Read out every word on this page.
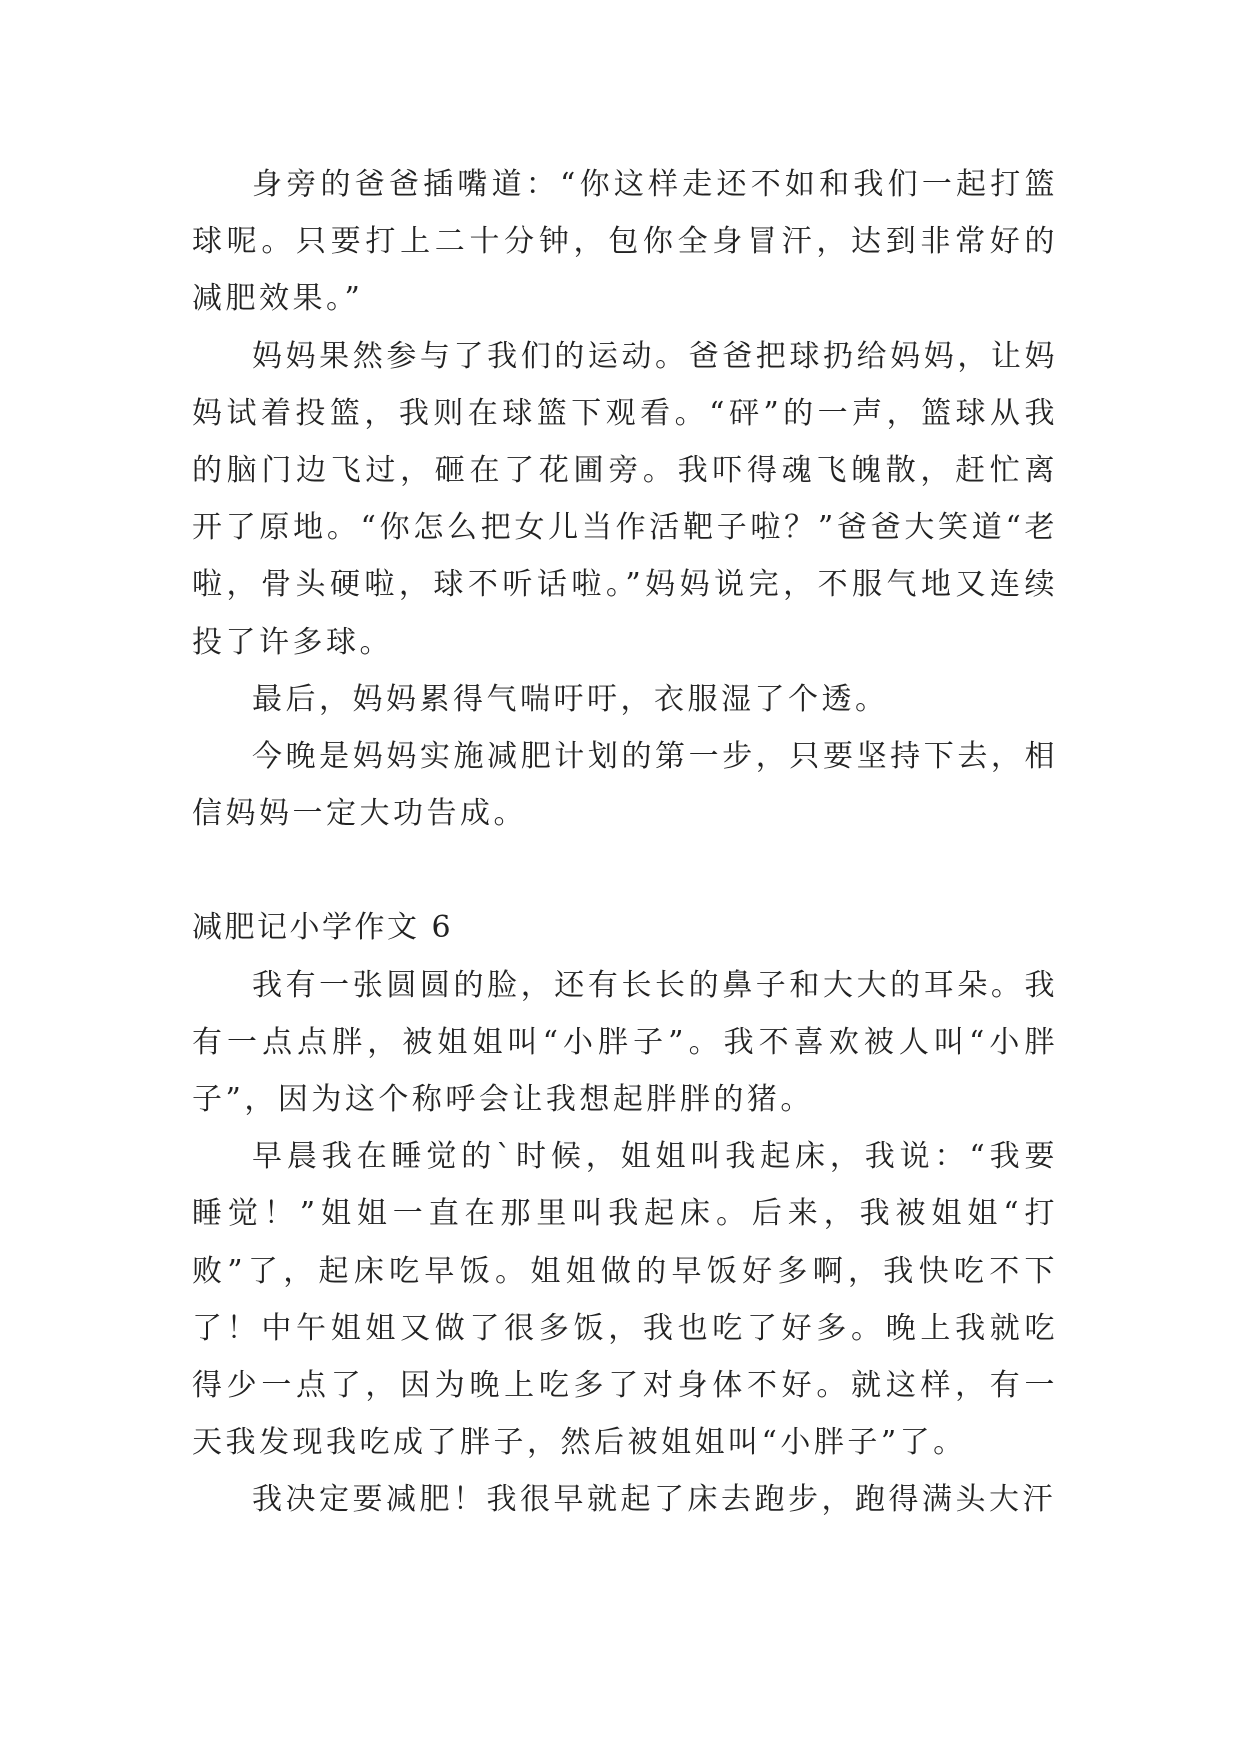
身旁的爸爸插嘴道：“你这样走还不如和我们一起打篮球呢。只要打上二十分钟，包你全身冒汗，达到非常好的减肥效果。”

妈妈果然参与了我们的运动。爸爸把球扔给妈妈，让妈妈试着投篮，我则在球篮下观看。“砰”的一声，篮球从我的脑门边飞过，砸在了花圃旁。我吓得魂飞魄散，赶忙离开了原地。“你怎么把女儿当作活靶子啦？”爸爸大笑道“老啦，骨头硬啦，球不听话啦。”妈妈说完，不服气地又连续投了许多球。

最后，妈妈累得气喘吁吁，衣服湿了个透。

今晚是妈妈实施减肥计划的第一步，只要坚持下去，相信妈妈一定大功告成。

减肥记小学作文 6

我有一张圆圆的脸，还有长长的鼻子和大大的耳朵。我有一点点胖，被姐姐叫“小胖子”。我不喜欢被人叫“小胖子”，因为这个称呼会让我想起胖胖的猪。

早晨我在睡觉的`时候，姐姐叫我起床，我说：“我要睡觉！”姐姐一直在那里叫我起床。后来，我被姐姐“打败”了，起床吃早饭。姐姐做的早饭好多啊，我快吃不下了！中午姐姐又做了很多饭，我也吃了好多。晚上我就吃得少一点了，因为晚上吃多了对身体不好。就这样，有一天我发现我吃成了胖子，然后被姐姐叫“小胖子”了。

我决定要减肥！我很早就起了床去跑步，跑得满头大汗
